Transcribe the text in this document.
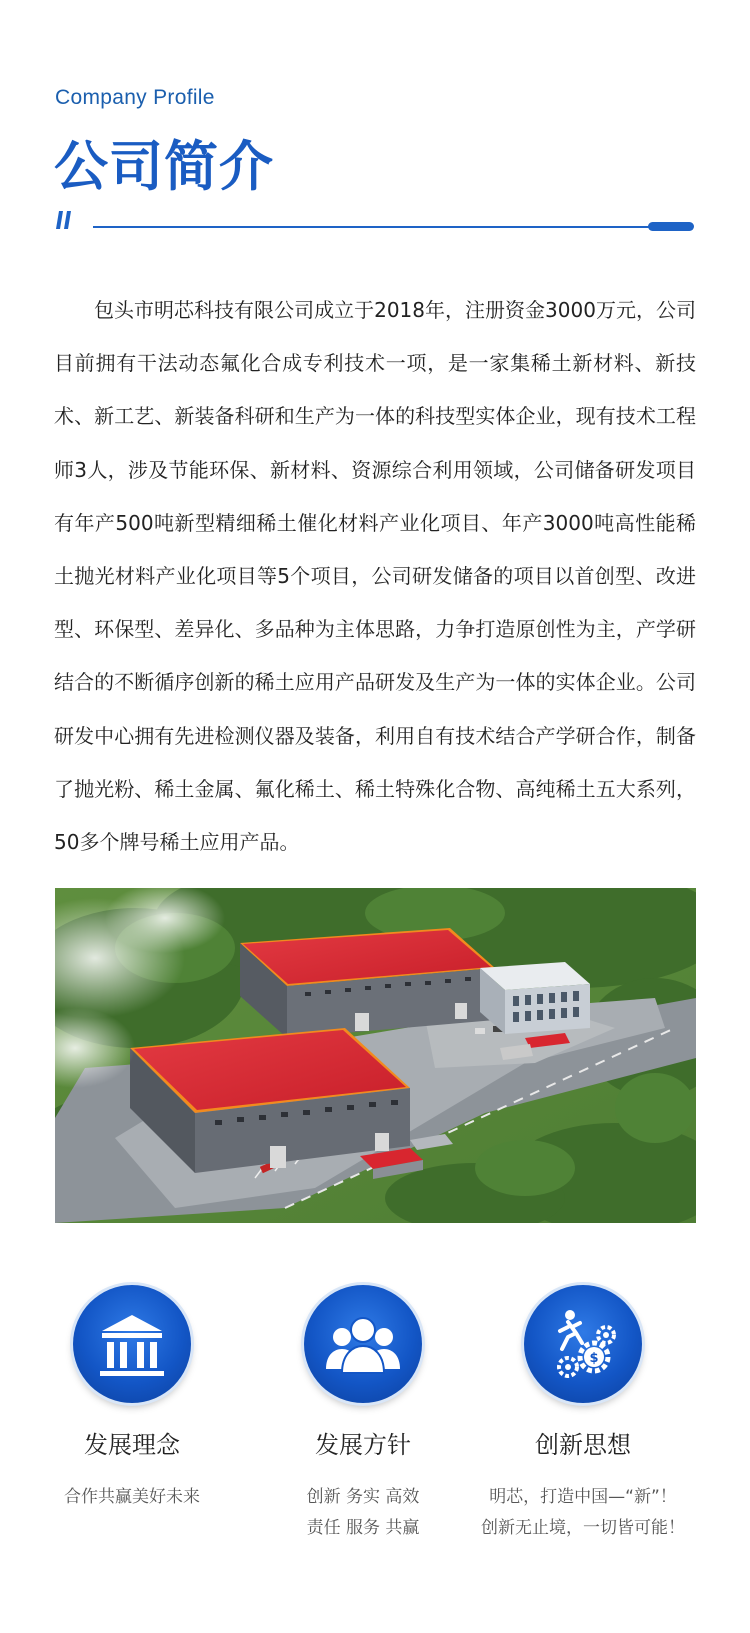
Company Profile
公司简介

包头市明芯科技有限公司成立于2018年，注册资金3000万元，公司目前拥有干法动态氟化合成专利技术一项，是一家集稀土新材料、新技术、新工艺、新装备科研和生产为一体的科技型实体企业，现有技术工程师3人，涉及节能环保、新材料、资源综合利用领域，公司储备研发项目有年产500吨新型精细稀土催化材料产业化项目、年产3000吨高性能稀土抛光材料产业化项目等5个项目，公司研发储备的项目以首创型、改进型、环保型、差异化、多品种为主体思路，力争打造原创性为主，产学研结合的不断循序创新的稀土应用产品研发及生产为一体的实体企业。公司研发中心拥有先进检测仪器及装备，利用自有技术结合产学研合作，制备了抛光粉、稀土金属、氟化稀土、稀土特殊化合物、高纯稀土五大系列，50多个牌号稀土应用产品。

发展理念
合作共赢美好未来
发展方针
创新 务实 高效
责任 服务 共赢
$
创新思想
明芯，打造中国—“新”！
创新无止境，一切皆可能！
